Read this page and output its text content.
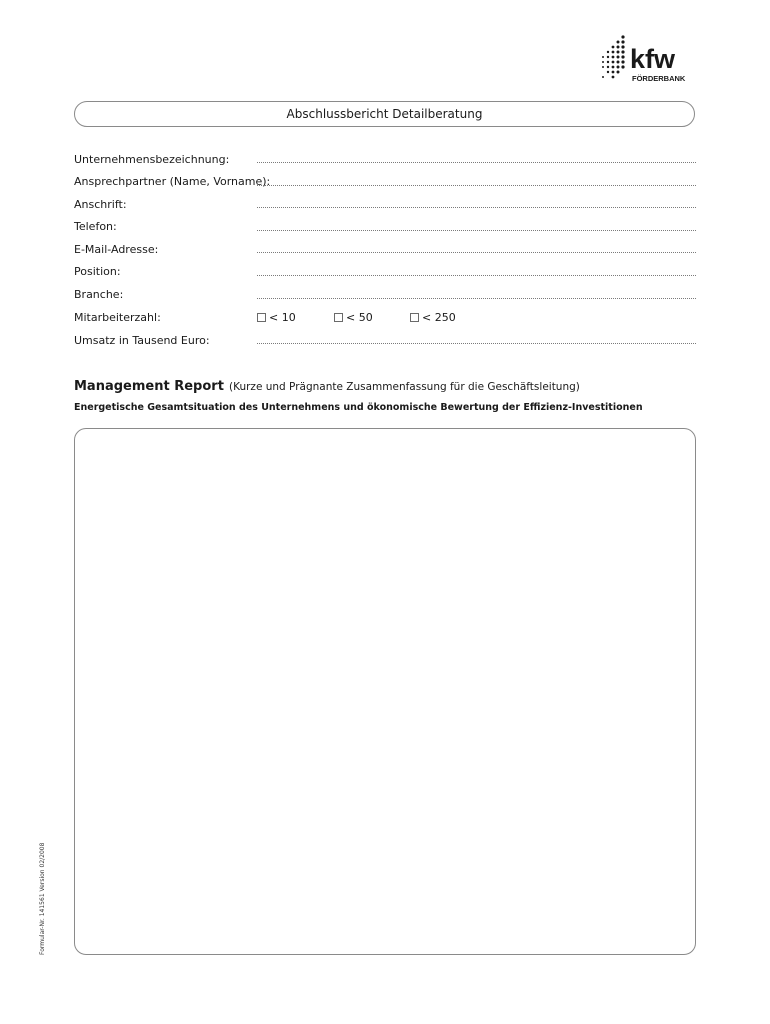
kfw
FÖRDERBANK
Abschlussbericht Detailberatung
Unternehmensbezeichnung:
Ansprechpartner (Name, Vorname):
Anschrift:
Telefon:
E-Mail-Adresse:
Position:
Branche:
Mitarbeiterzahl:	< 10	< 50	< 250
Umsatz in Tausend Euro:
Management Report (Kurze und Prägnante Zusammenfassung für die Geschäftsleitung)
Energetische Gesamtsituation des Unternehmens und ökonomische Bewertung der Effizienz-Investitionen
Formular-Nr. 141561 Version 02/2008
